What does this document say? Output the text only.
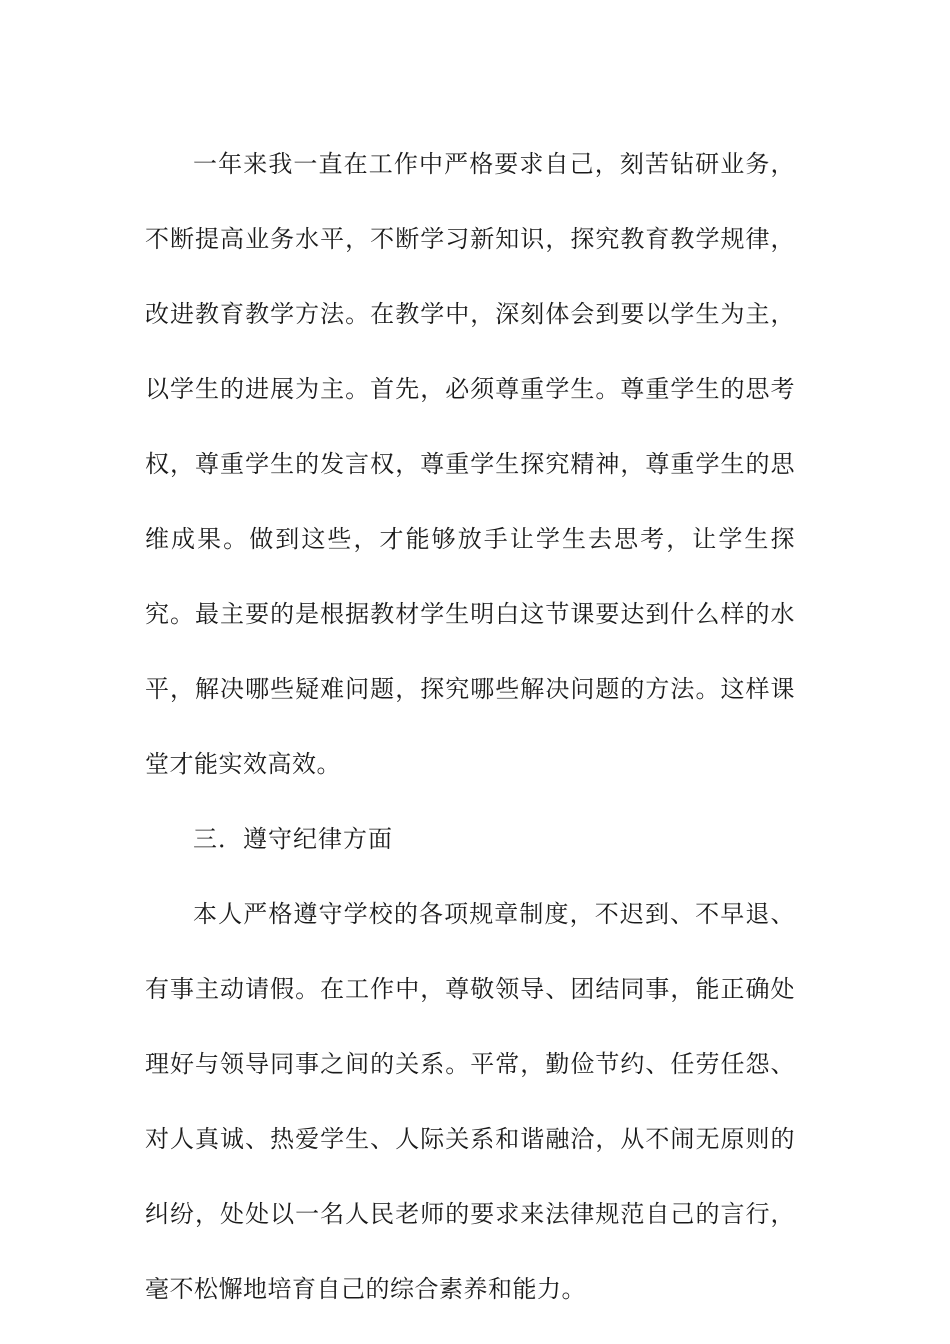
一年来我一直在工作中严格要求自己，刻苦钻研业务，不断提高业务水平，不断学习新知识，探究教育教学规律，改进教育教学方法。在教学中，深刻体会到要以学生为主，以学生的进展为主。首先，必须尊重学生。尊重学生的思考权，尊重学生的发言权，尊重学生探究精神，尊重学生的思维成果。做到这些，才能够放手让学生去思考，让学生探究。最主要的是根据教材学生明白这节课要达到什么样的水平，解决哪些疑难问题，探究哪些解决问题的方法。这样课堂才能实效高效。

三．遵守纪律方面

本人严格遵守学校的各项规章制度，不迟到、不早退、有事主动请假。在工作中，尊敬领导、团结同事，能正确处理好与领导同事之间的关系。平常，勤俭节约、任劳任怨、对人真诚、热爱学生、人际关系和谐融洽，从不闹无原则的纠纷，处处以一名人民老师的要求来法律规范自己的言行，毫不松懈地培育自己的综合素养和能力。
